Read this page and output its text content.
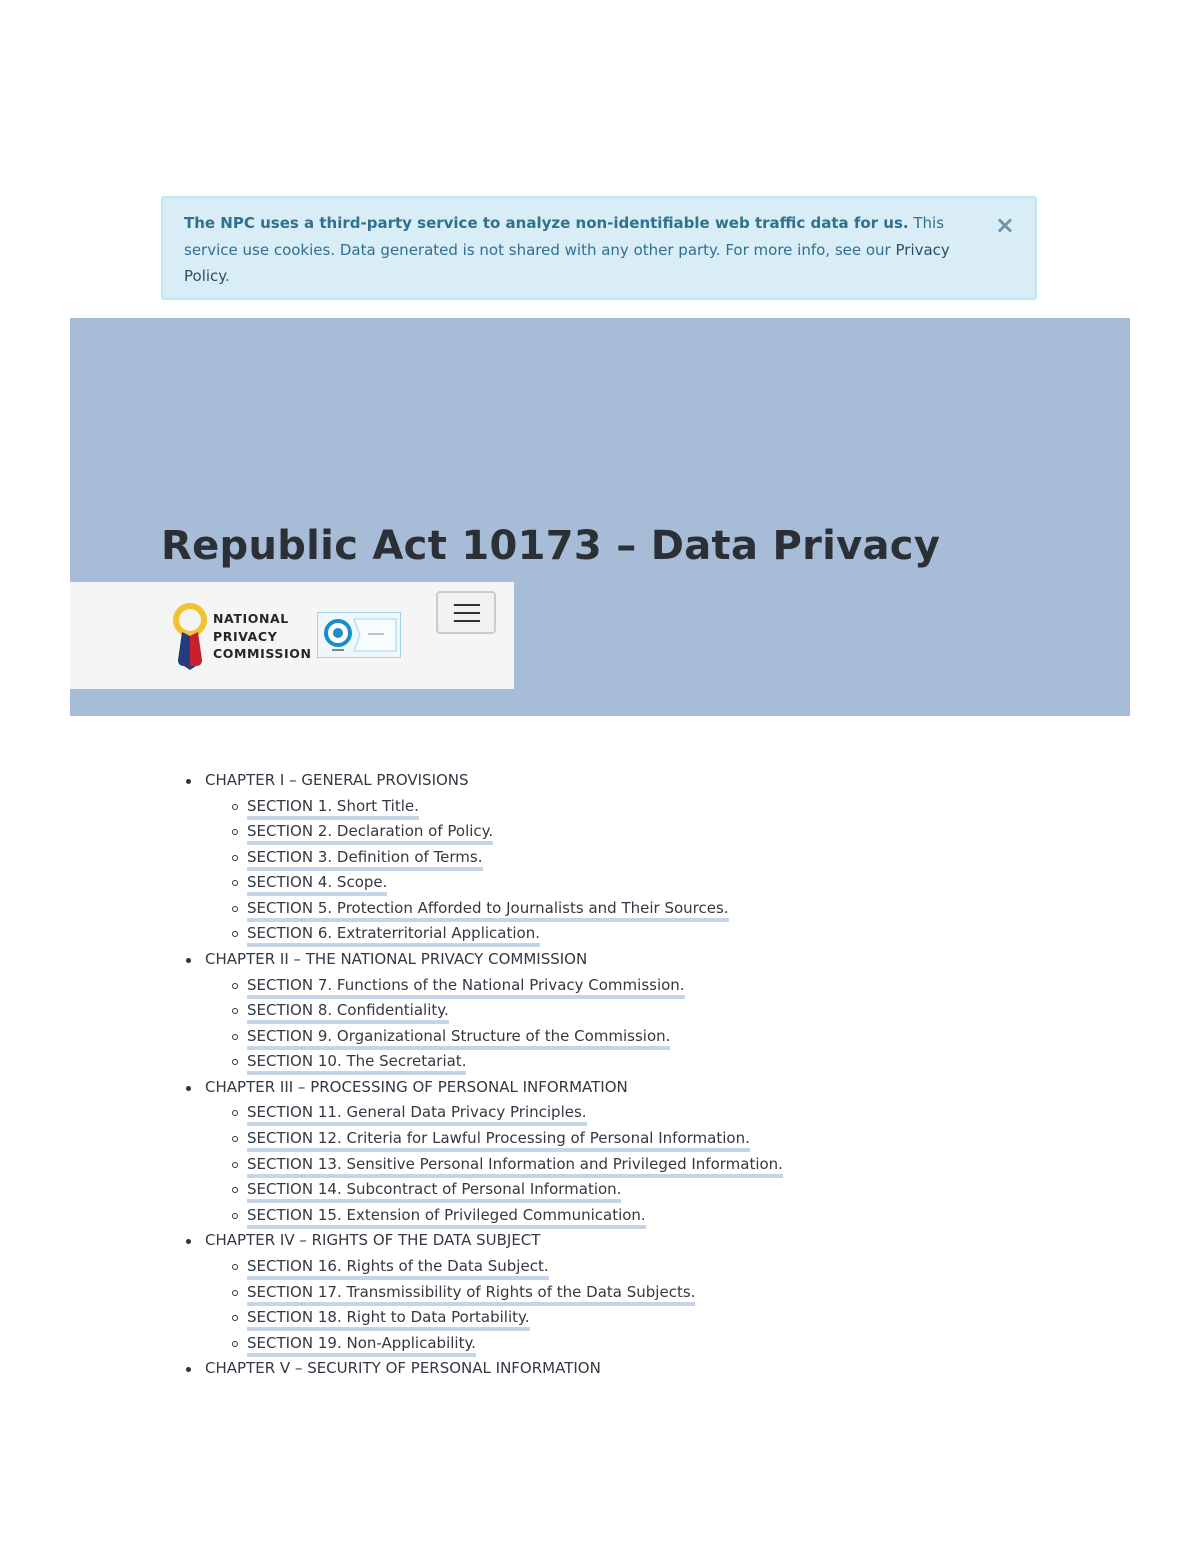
The NPC uses a third-party service to analyze non-identifiable web traffic data for us. This service use cookies. Data generated is not shared with any other party. For more info, see our Privacy Policy.
×
Republic Act 10173 – Data Privacy
NATIONAL
PRIVACY
COMMISSION
CHAPTER I – GENERAL PROVISIONS
SECTION 1. Short Title.
SECTION 2. Declaration of Policy.
SECTION 3. Definition of Terms.
SECTION 4. Scope.
SECTION 5. Protection Afforded to Journalists and Their Sources.
SECTION 6. Extraterritorial Application.
CHAPTER II – THE NATIONAL PRIVACY COMMISSION
SECTION 7. Functions of the National Privacy Commission.
SECTION 8. Confidentiality.
SECTION 9. Organizational Structure of the Commission.
SECTION 10. The Secretariat.
CHAPTER III – PROCESSING OF PERSONAL INFORMATION
SECTION 11. General Data Privacy Principles.
SECTION 12. Criteria for Lawful Processing of Personal Information.
SECTION 13. Sensitive Personal Information and Privileged Information.
SECTION 14. Subcontract of Personal Information.
SECTION 15. Extension of Privileged Communication.
CHAPTER IV – RIGHTS OF THE DATA SUBJECT
SECTION 16. Rights of the Data Subject.
SECTION 17. Transmissibility of Rights of the Data Subjects.
SECTION 18. Right to Data Portability.
SECTION 19. Non-Applicability.
CHAPTER V – SECURITY OF PERSONAL INFORMATION
